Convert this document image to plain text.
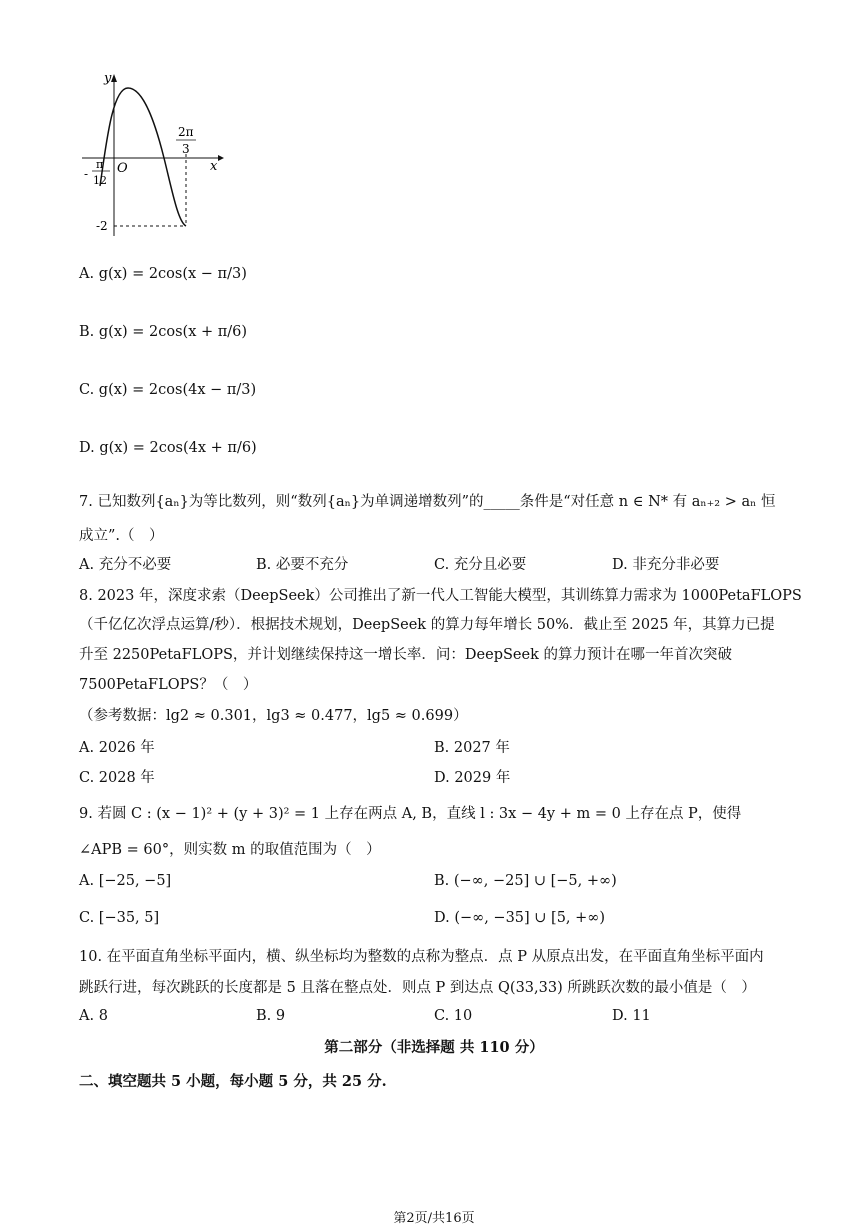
y
x
O
-
π
12
2π
3
-2
A. g(x) = 2cos(x − π/3)
B. g(x) = 2cos(x + π/6)
C. g(x) = 2cos(4x − π/3)
D. g(x) = 2cos(4x + π/6)
7. 已知数列{aₙ}为等比数列，则“数列{aₙ}为单调递增数列”的_____条件是“对任意 n ∈ N* 有 aₙ₊₂ > aₙ 恒
成立”.（　）
A. 充分不必要	B. 必要不充分	C. 充分且必要	D. 非充分非必要
8. 2023 年，深度求索（DeepSeek）公司推出了新一代人工智能大模型，其训练算力需求为 1000PetaFLOPS
（千亿亿次浮点运算/秒）．根据技术规划，DeepSeek 的算力每年增长 50%．截止至 2025 年，其算力已提
升至 2250PetaFLOPS，并计划继续保持这一增长率．问：DeepSeek 的算力预计在哪一年首次突破
7500PetaFLOPS？（　）
（参考数据：lg2 ≈ 0.301，lg3 ≈ 0.477，lg5 ≈ 0.699）
A. 2026 年	B. 2027 年
C. 2028 年	D. 2029 年
9. 若圆 C : (x − 1)² + (y + 3)² = 1 上存在两点 A, B，直线 l : 3x − 4y + m = 0 上存在点 P，使得
∠APB = 60°，则实数 m 的取值范围为（　）
A. [−25, −5]	B. (−∞, −25] ∪ [−5, +∞)
C. [−35, 5]	D. (−∞, −35] ∪ [5, +∞)
10. 在平面直角坐标平面内，横、纵坐标均为整数的点称为整点．点 P 从原点出发，在平面直角坐标平面内
跳跃行进，每次跳跃的长度都是 5 且落在整点处．则点 P 到达点 Q(33,33) 所跳跃次数的最小值是（　）
A. 8	B. 9	C. 10	D. 11
第二部分（非选择题 共 110 分）
二、填空题共 5 小题，每小题 5 分，共 25 分.
第2页/共16页
